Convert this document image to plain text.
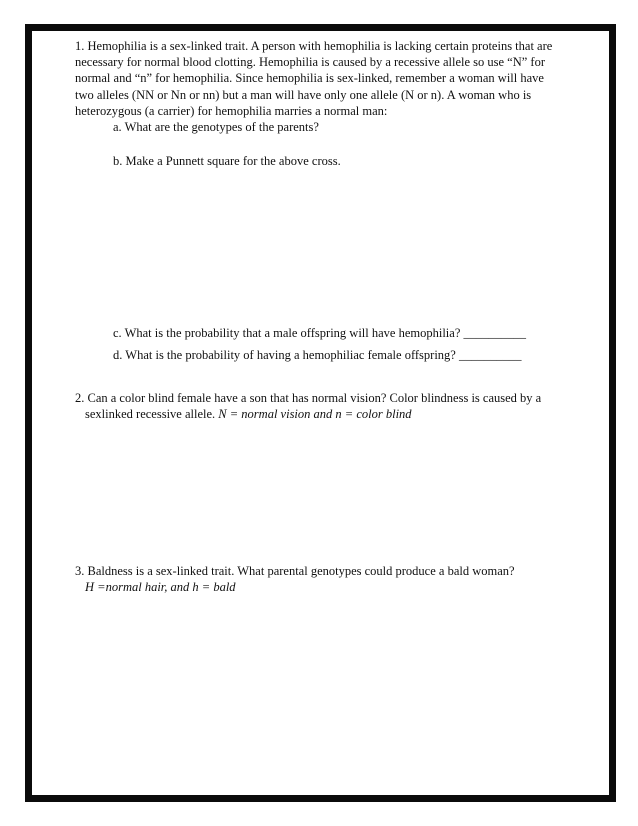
1. Hemophilia is a sex-linked trait. A person with hemophilia is lacking certain proteins that are

necessary for normal blood clotting. Hemophilia is caused by a recessive allele so use “N” for

normal and “n” for hemophilia. Since hemophilia is sex-linked, remember a woman will have

two alleles (NN or Nn or nn) but a man will have only one allele (N or n). A woman who is

heterozygous (a carrier) for hemophilia marries a normal man:

a. What are the genotypes of the parents?
b. Make a Punnett square for the above cross.
c. What is the probability that a male offspring will have hemophilia? __________
d. What is the probability of having a hemophiliac female offspring? __________
2. Can a color blind female have a son that has normal vision? Color blindness is caused by a
sexlinked recessive allele. N = normal vision and n = color blind
3. Baldness is a sex-linked trait. What parental genotypes could produce a bald woman?
H =normal hair, and h = bald
